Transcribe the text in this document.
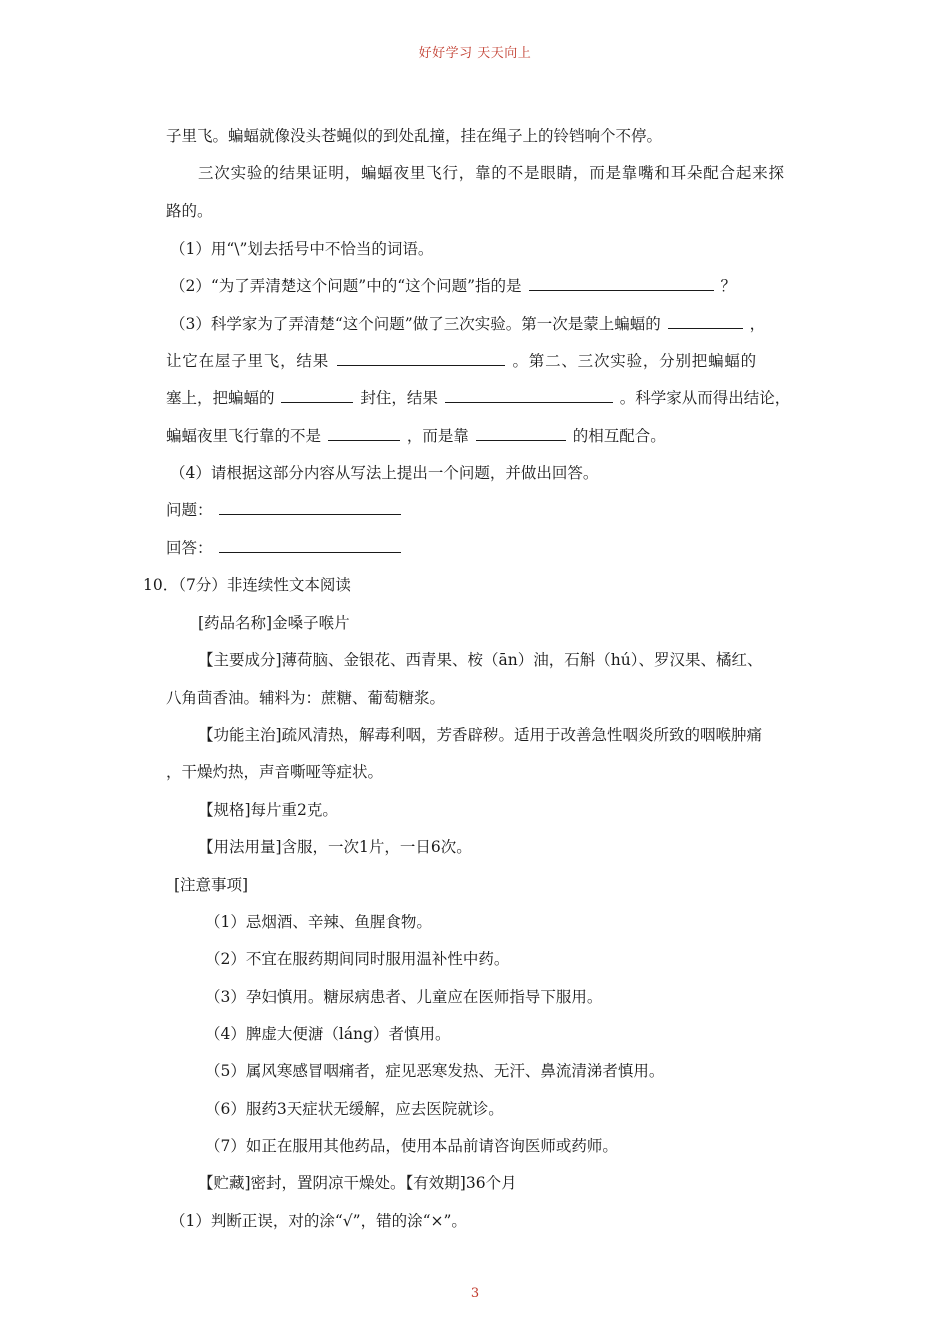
好好学习 天天向上
子里飞。蝙蝠就像没头苍蝇似的到处乱撞，挂在绳子上的铃铛响个不停。
三次实验的结果证明，蝙蝠夜里飞行，靠的不是眼睛，而是靠嘴和耳朵配合起来探
路的。
（1）用“\”划去括号中不恰当的词语。
（2）“为了弄清楚这个问题”中的“这个问题”指的是	？
（3）科学家为了弄清楚“这个问题”做了三次实验。第一次是蒙上蝙蝠的	，
让它在屋子里飞，结果	。第二、三次实验，分别把蝙蝠的
塞上，把蝙蝠的	封住，结果	。科学家从而得出结论，
蝙蝠夜里飞行靠的不是	，而是靠	的相互配合。
（4）请根据这部分内容从写法上提出一个问题，并做出回答。
问题：
回答：
10．（7分）非连续性文本阅读
[药品名称]金嗓子喉片
【主要成分]薄荷脑、金银花、西青果、桉（ān）油，石斛（hú）、罗汉果、橘红、
八角茴香油。辅料为：蔗糖、葡萄糖浆。
【功能主治]疏风清热，解毒利咽，芳香辟秽。适用于改善急性咽炎所致的咽喉肿痛
，干燥灼热，声音嘶哑等症状。
【规格]每片重2克。
【用法用量]含服，一次1片，一日6次。
[注意事项]
（1）忌烟酒、辛辣、鱼腥食物。
（2）不宜在服药期间同时服用温补性中药。
（3）孕妇慎用。糖尿病患者、儿童应在医师指导下服用。
（4）脾虚大便溏（láng）者慎用。
（5）属风寒感冒咽痛者，症见恶寒发热、无汗、鼻流清涕者慎用。
（6）服药3天症状无缓解，应去医院就诊。
（7）如正在服用其他药品，使用本品前请咨询医师或药师。
【贮藏]密封，置阴凉干燥处。【有效期]36个月
（1）判断正误，对的涂“√”，错的涂“×”。
3
